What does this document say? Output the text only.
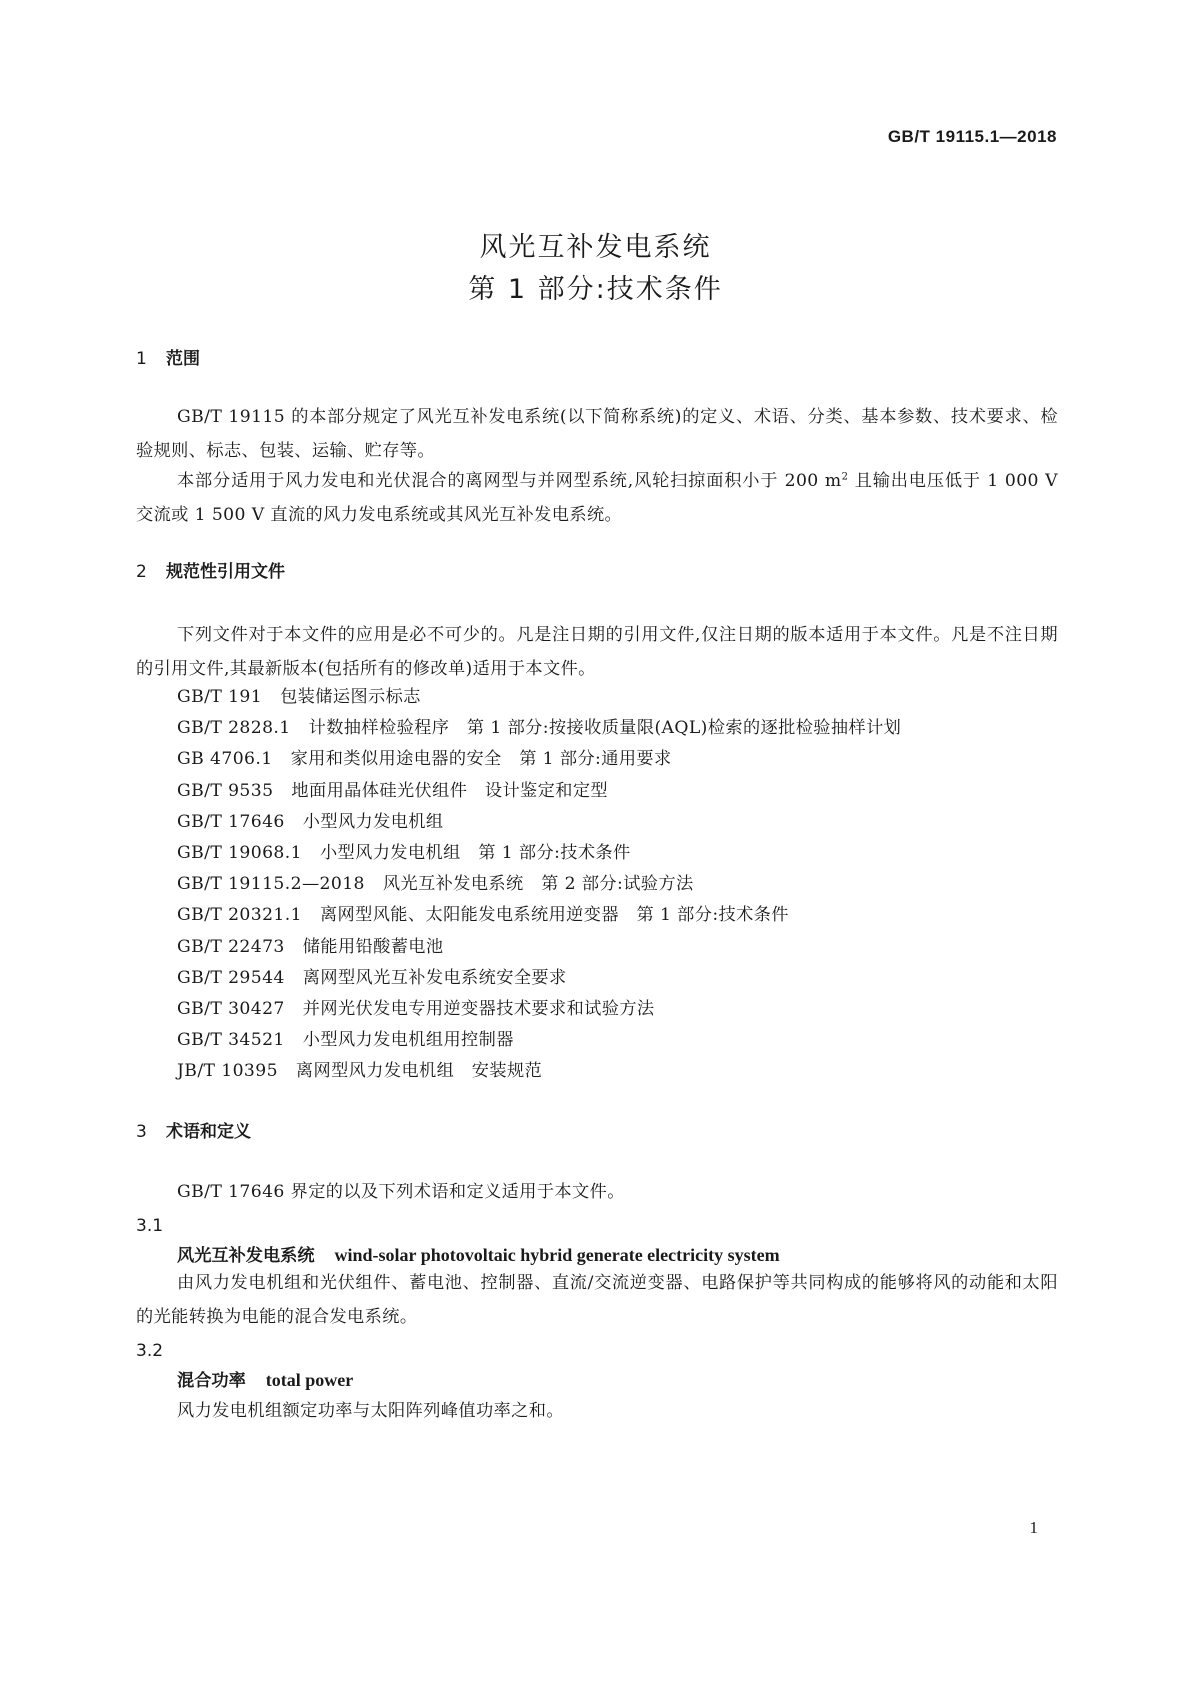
GB/T 19115.1—2018
风光互补发电系统
第 1 部分:技术条件
1 范围
GB/T 19115 的本部分规定了风光互补发电系统(以下简称系统)的定义、术语、分类、基本参数、技术要求、检验规则、标志、包装、运输、贮存等。
本部分适用于风力发电和光伏混合的离网型与并网型系统,风轮扫掠面积小于 200 $m^2$ 且输出电压低于 1 000 V 交流或 1 500 V 直流的风力发电系统或其风光互补发电系统。
2 规范性引用文件
下列文件对于本文件的应用是必不可少的。凡是注日期的引用文件,仅注日期的版本适用于本文件。凡是不注日期的引用文件,其最新版本(包括所有的修改单)适用于本文件。
GB/T 191 包装储运图示标志
GB/T 2828.1 计数抽样检验程序　第 1 部分:按接收质量限(AQL)检索的逐批检验抽样计划
GB 4706.1 家用和类似用途电器的安全　第 1 部分:通用要求
GB/T 9535 地面用晶体硅光伏组件　设计鉴定和定型
GB/T 17646 小型风力发电机组
GB/T 19068.1 小型风力发电机组　第 1 部分:技术条件
GB/T 19115.2—2018 风光互补发电系统　第 2 部分:试验方法
GB/T 20321.1 离网型风能、太阳能发电系统用逆变器　第 1 部分:技术条件
GB/T 22473 储能用铅酸蓄电池
GB/T 29544 离网型风光互补发电系统安全要求
GB/T 30427 并网光伏发电专用逆变器技术要求和试验方法
GB/T 34521 小型风力发电机组用控制器
JB/T 10395 离网型风力发电机组　安装规范
3 术语和定义
GB/T 17646 界定的以及下列术语和定义适用于本文件。
3.1
风光互补发电系统 wind-solar photovoltaic hybrid generate electricity system
由风力发电机组和光伏组件、蓄电池、控制器、直流/交流逆变器、电路保护等共同构成的能够将风的动能和太阳的光能转换为电能的混合发电系统。
3.2
混合功率 total power
风力发电机组额定功率与太阳阵列峰值功率之和。
1
